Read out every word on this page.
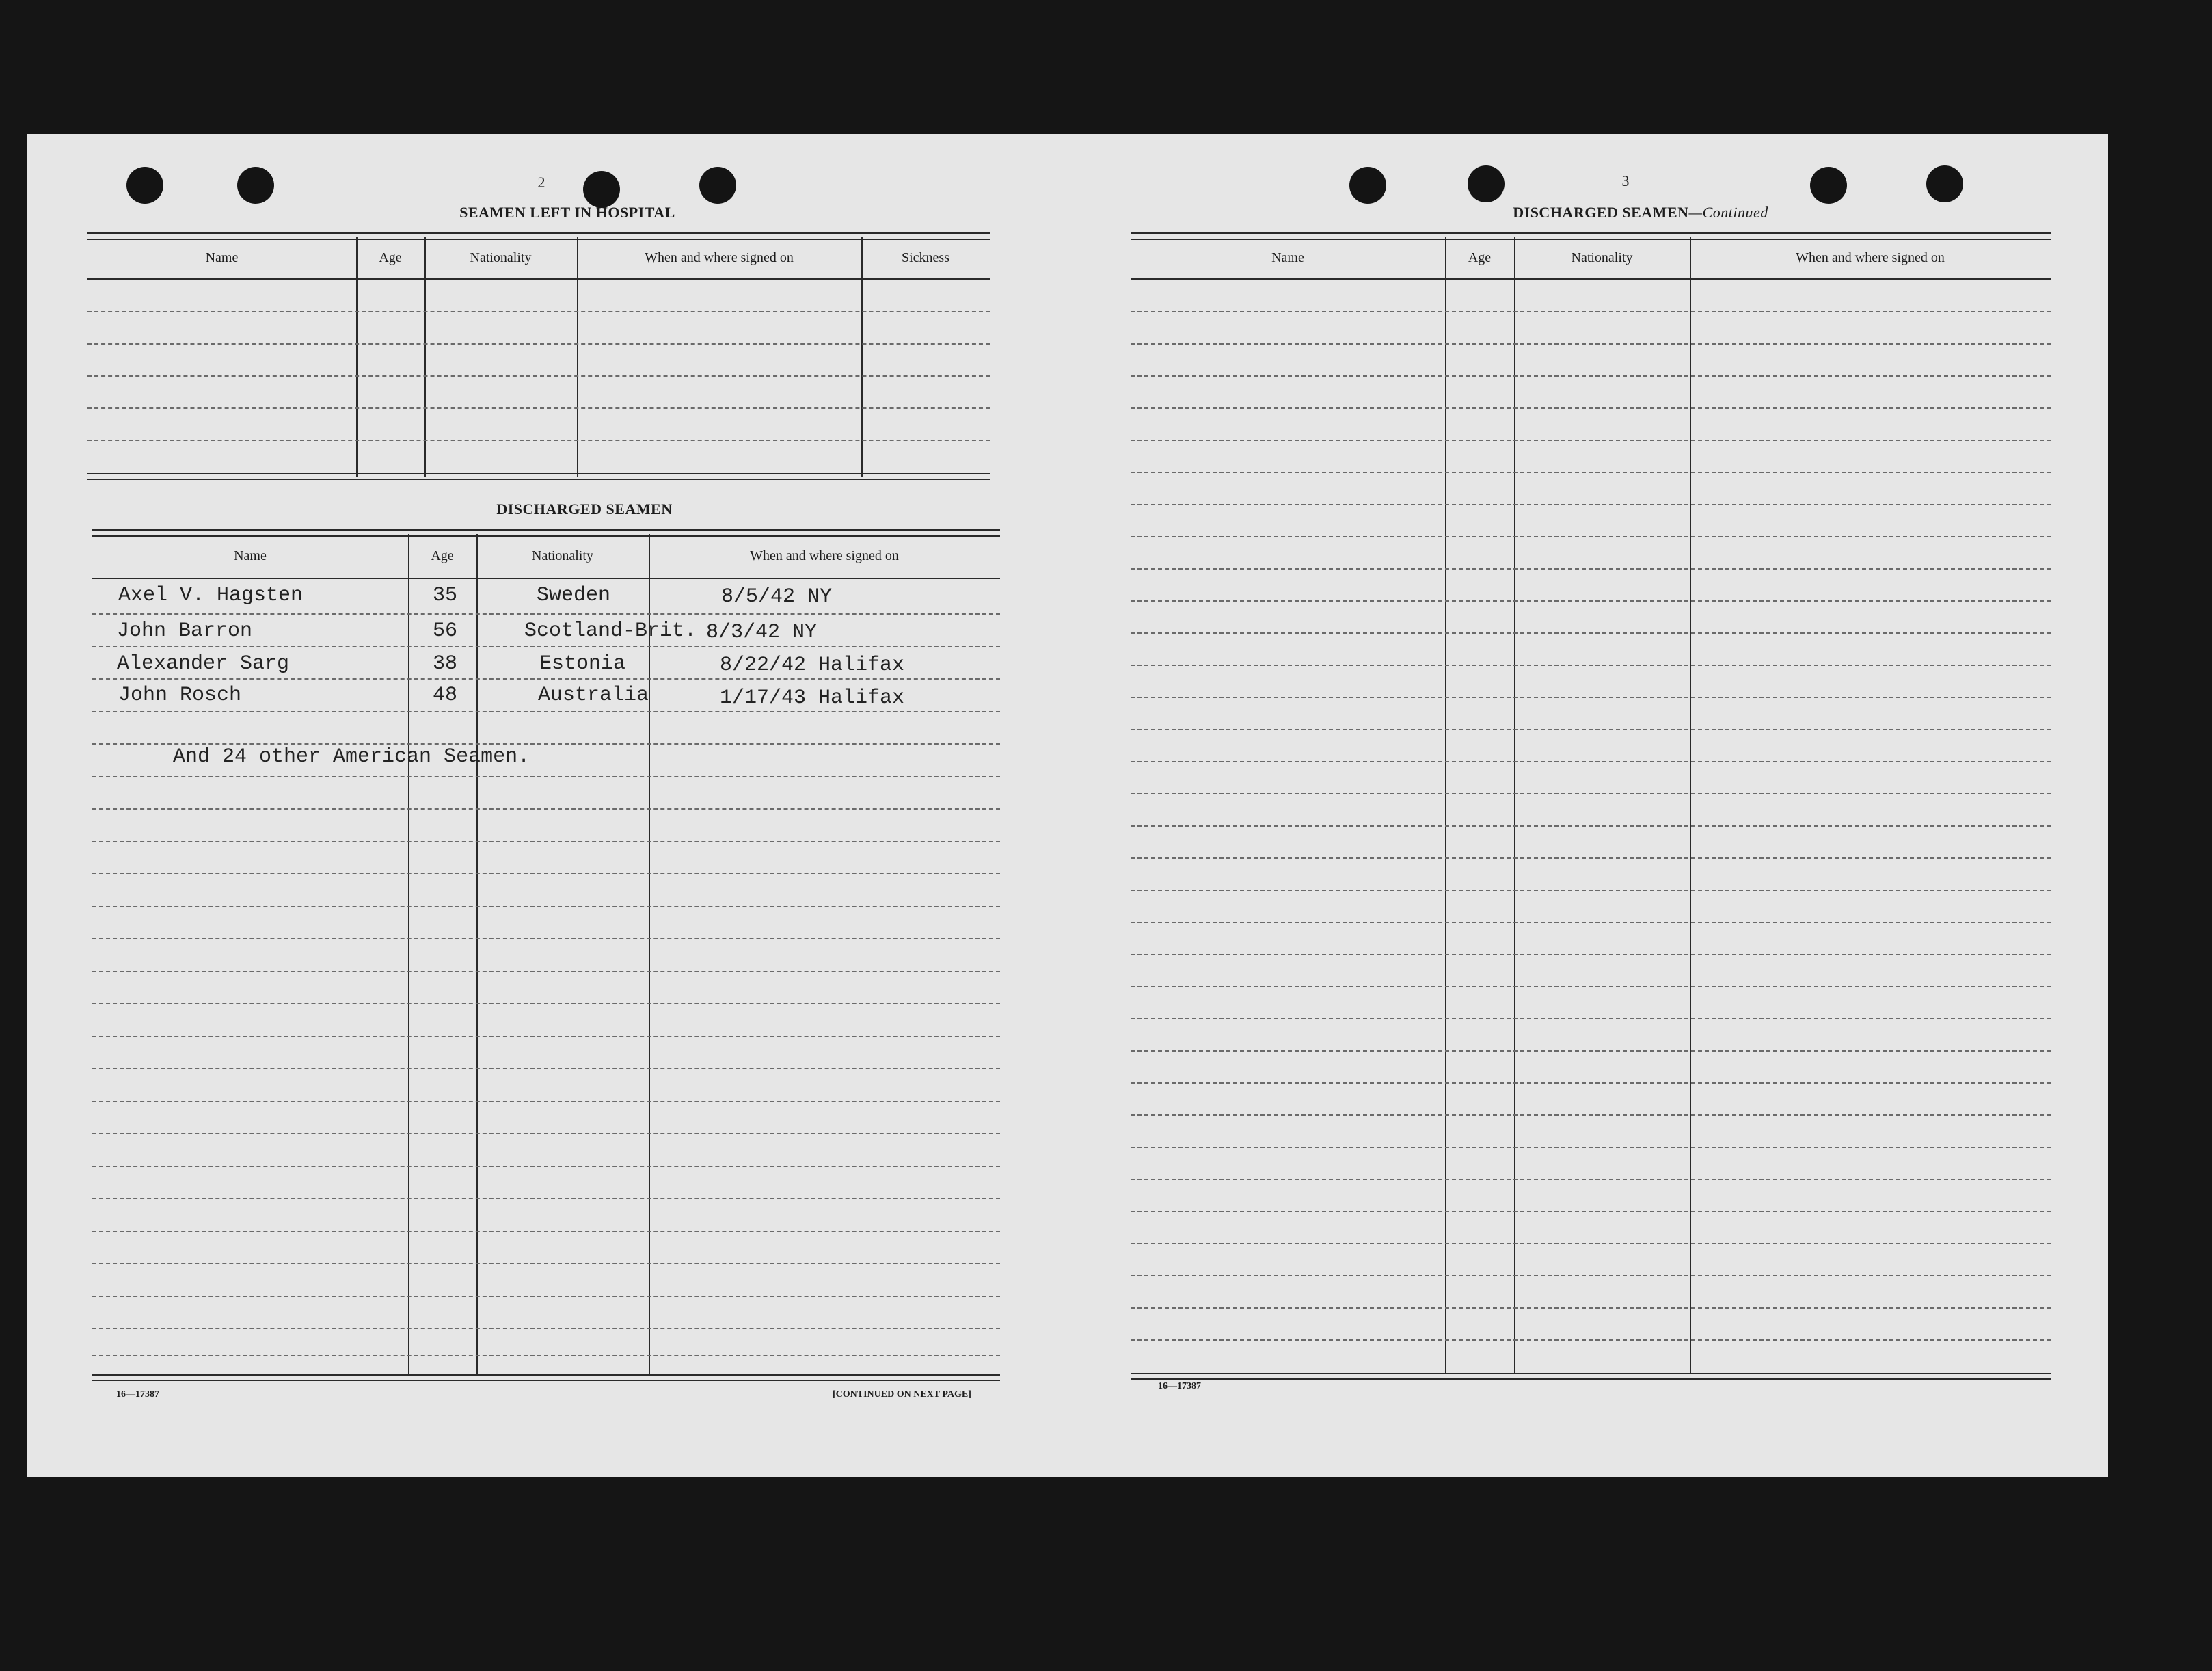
2
SEAMEN LEFT IN HOSPITAL
Name	Age	Nationality	When and where signed on	Sickness
DISCHARGED SEAMEN
Name	Age	Nationality	When and where signed on
Axel V. Hagsten	35	Sweden	8/5/42 NY
John Barron	56	Scotland-Brit. 8/3/42 NY
Alexander Sarg	38	Estonia	8/22/42 Halifax
John Rosch	48	Australia	1/17/43 Halifax
And 24 other American Seamen.
16—17387	[CONTINUED ON NEXT PAGE]
3
DISCHARGED SEAMEN—Continued
Name	Age	Nationality	When and where signed on
16—17387
